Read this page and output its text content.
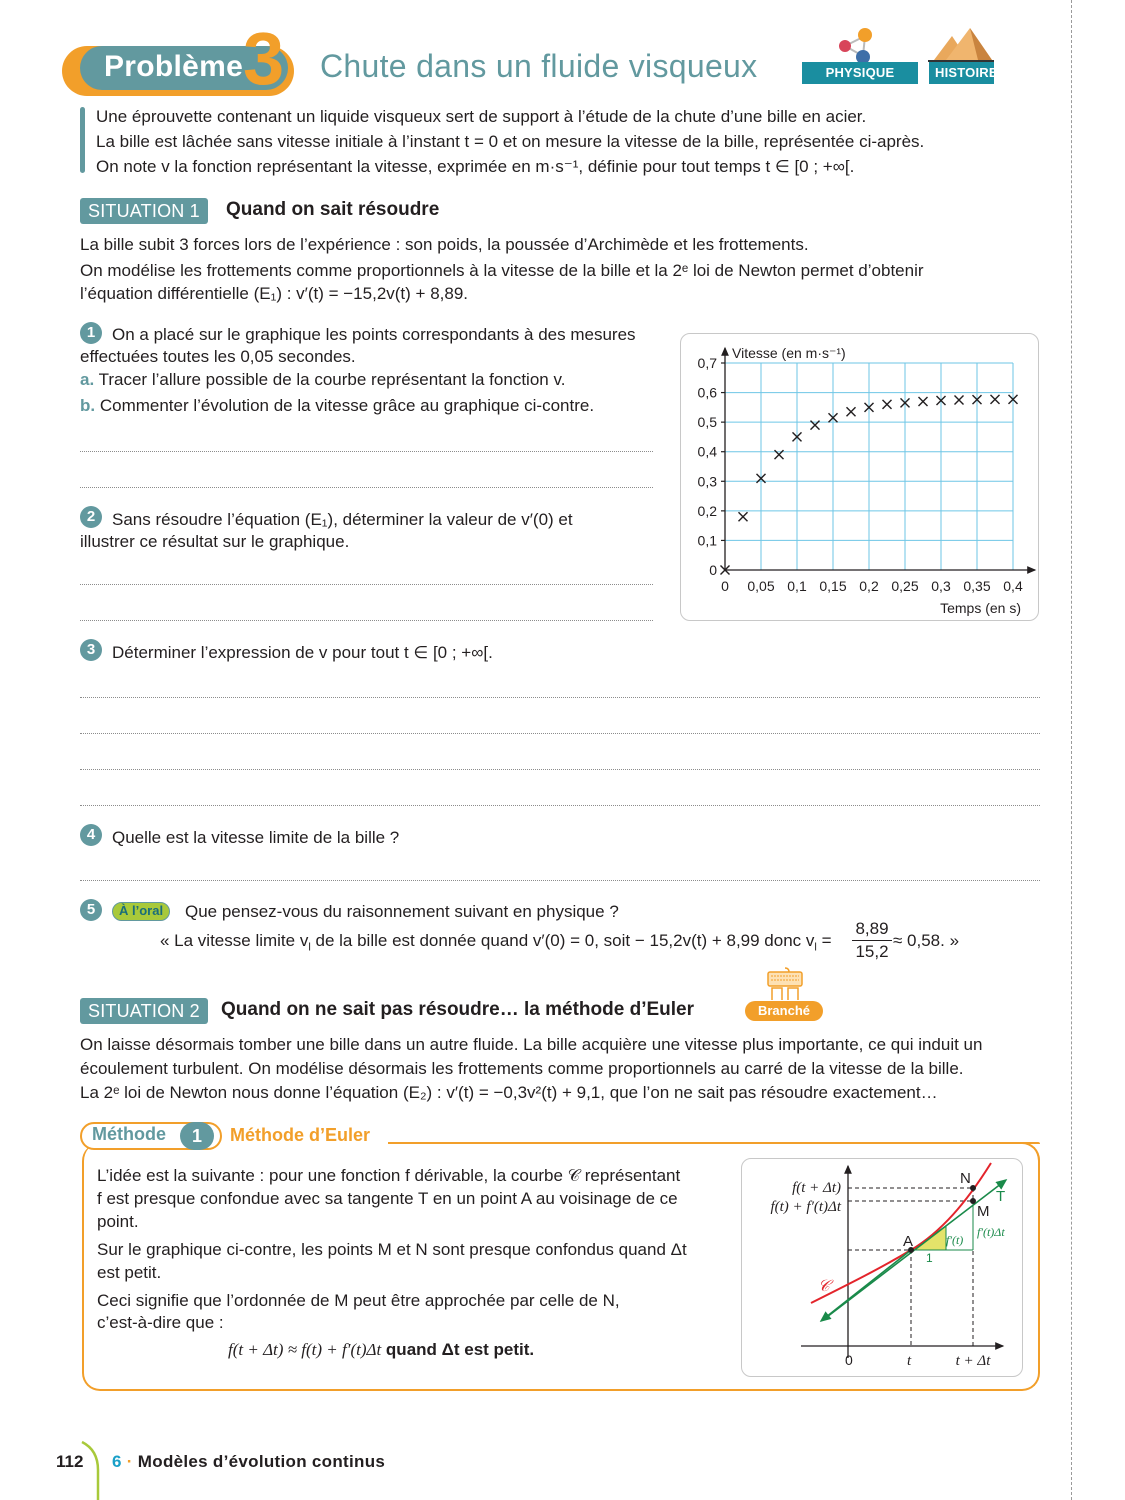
Problème 3 Chute dans un fluide visqueux	PHYSIQUE CHIMIE
HISTOIRE
Une éprouvette contenant un liquide visqueux sert de support à l’étude de la chute d’une bille en acier.
La bille est lâchée sans vitesse initiale à l’instant t = 0 et on mesure la vitesse de la bille, représentée ci-après.
On note v la fonction représentant la vitesse, exprimée en m·s⁻¹, définie pour tout temps t ∈ [0 ; +∞[.
SITUATION 1	Quand on sait résoudre
La bille subit 3 forces lors de l’expérience : son poids, la poussée d’Archimède et les frottements.
On modélise les frottements comme proportionnels à la vitesse de la bille et la 2ᵉ loi de Newton permet d’obtenir
l’équation différentielle (E₁) : v′(t) = −15,2v(t) + 8,89.
1 On a placé sur le graphique les points correspondants à des mesures
effectuées toutes les 0,05 secondes.
a. Tracer l’allure possible de la courbe représentant la fonction v.
b. Commenter l’évolution de la vitesse grâce au graphique ci-contre.
2 Sans résoudre l’équation (E₁), déterminer la valeur de v′(0) et
illustrer ce résultat sur le graphique.
0 0,05 0,1 0,15 0,2 0,25 0,3 0,35 0,4
0
0,1
0,2
0,3
0,4
0,5
0,6
0,7
Vitesse (en m·s⁻¹)
Temps (en s)
3 Déterminer l’expression de v pour tout t ∈ [0 ; +∞[.
4 Quelle est la vitesse limite de la bille ?
5	À l’oral	Que pensez-vous du raisonnement suivant en physique ?
« La vitesse limite $v_l$ de la bille est donnée quand v′(0) = 0, soit − 15,2v(t) + 8,99 donc $v_l = \frac{8,89}{15,2} \approx 0,58$. »
SITUATION 2	Quand on ne sait pas résoudre… la méthode d’Euler	Branché
On laisse désormais tomber une bille dans un autre fluide. La bille acquière une vitesse plus importante, ce qui induit un
écoulement turbulent. On modélise désormais les frottements comme proportionnels au carré de la vitesse de la bille.
La 2ᵉ loi de Newton nous donne l’équation (E₂) : v′(t) = −0,3v²(t) + 9,1, que l’on ne sait pas résoudre exactement…
Méthode	1	Méthode d’Euler
L’idée est la suivante : pour une fonction f dérivable, la courbe 𝒞 représentant
f est presque confondue avec sa tangente T en un point A au voisinage de ce
point.
Sur le graphique ci-contre, les points M et N sont presque confondus quand Δt
est petit.
Ceci signifie que l’ordonnée de M peut être approchée par celle de N,
c’est-à-dire que :
f(t + Δt) ≈ f(t) + f′(t)Δt quand Δt est petit.
f(t + Δt)
f(t) + f′(t)Δt
A
N
M
T
𝒞
f′(t)
f′(t)Δt
1
0	t	t + Δt
112 6 · Modèles d’évolution continus
